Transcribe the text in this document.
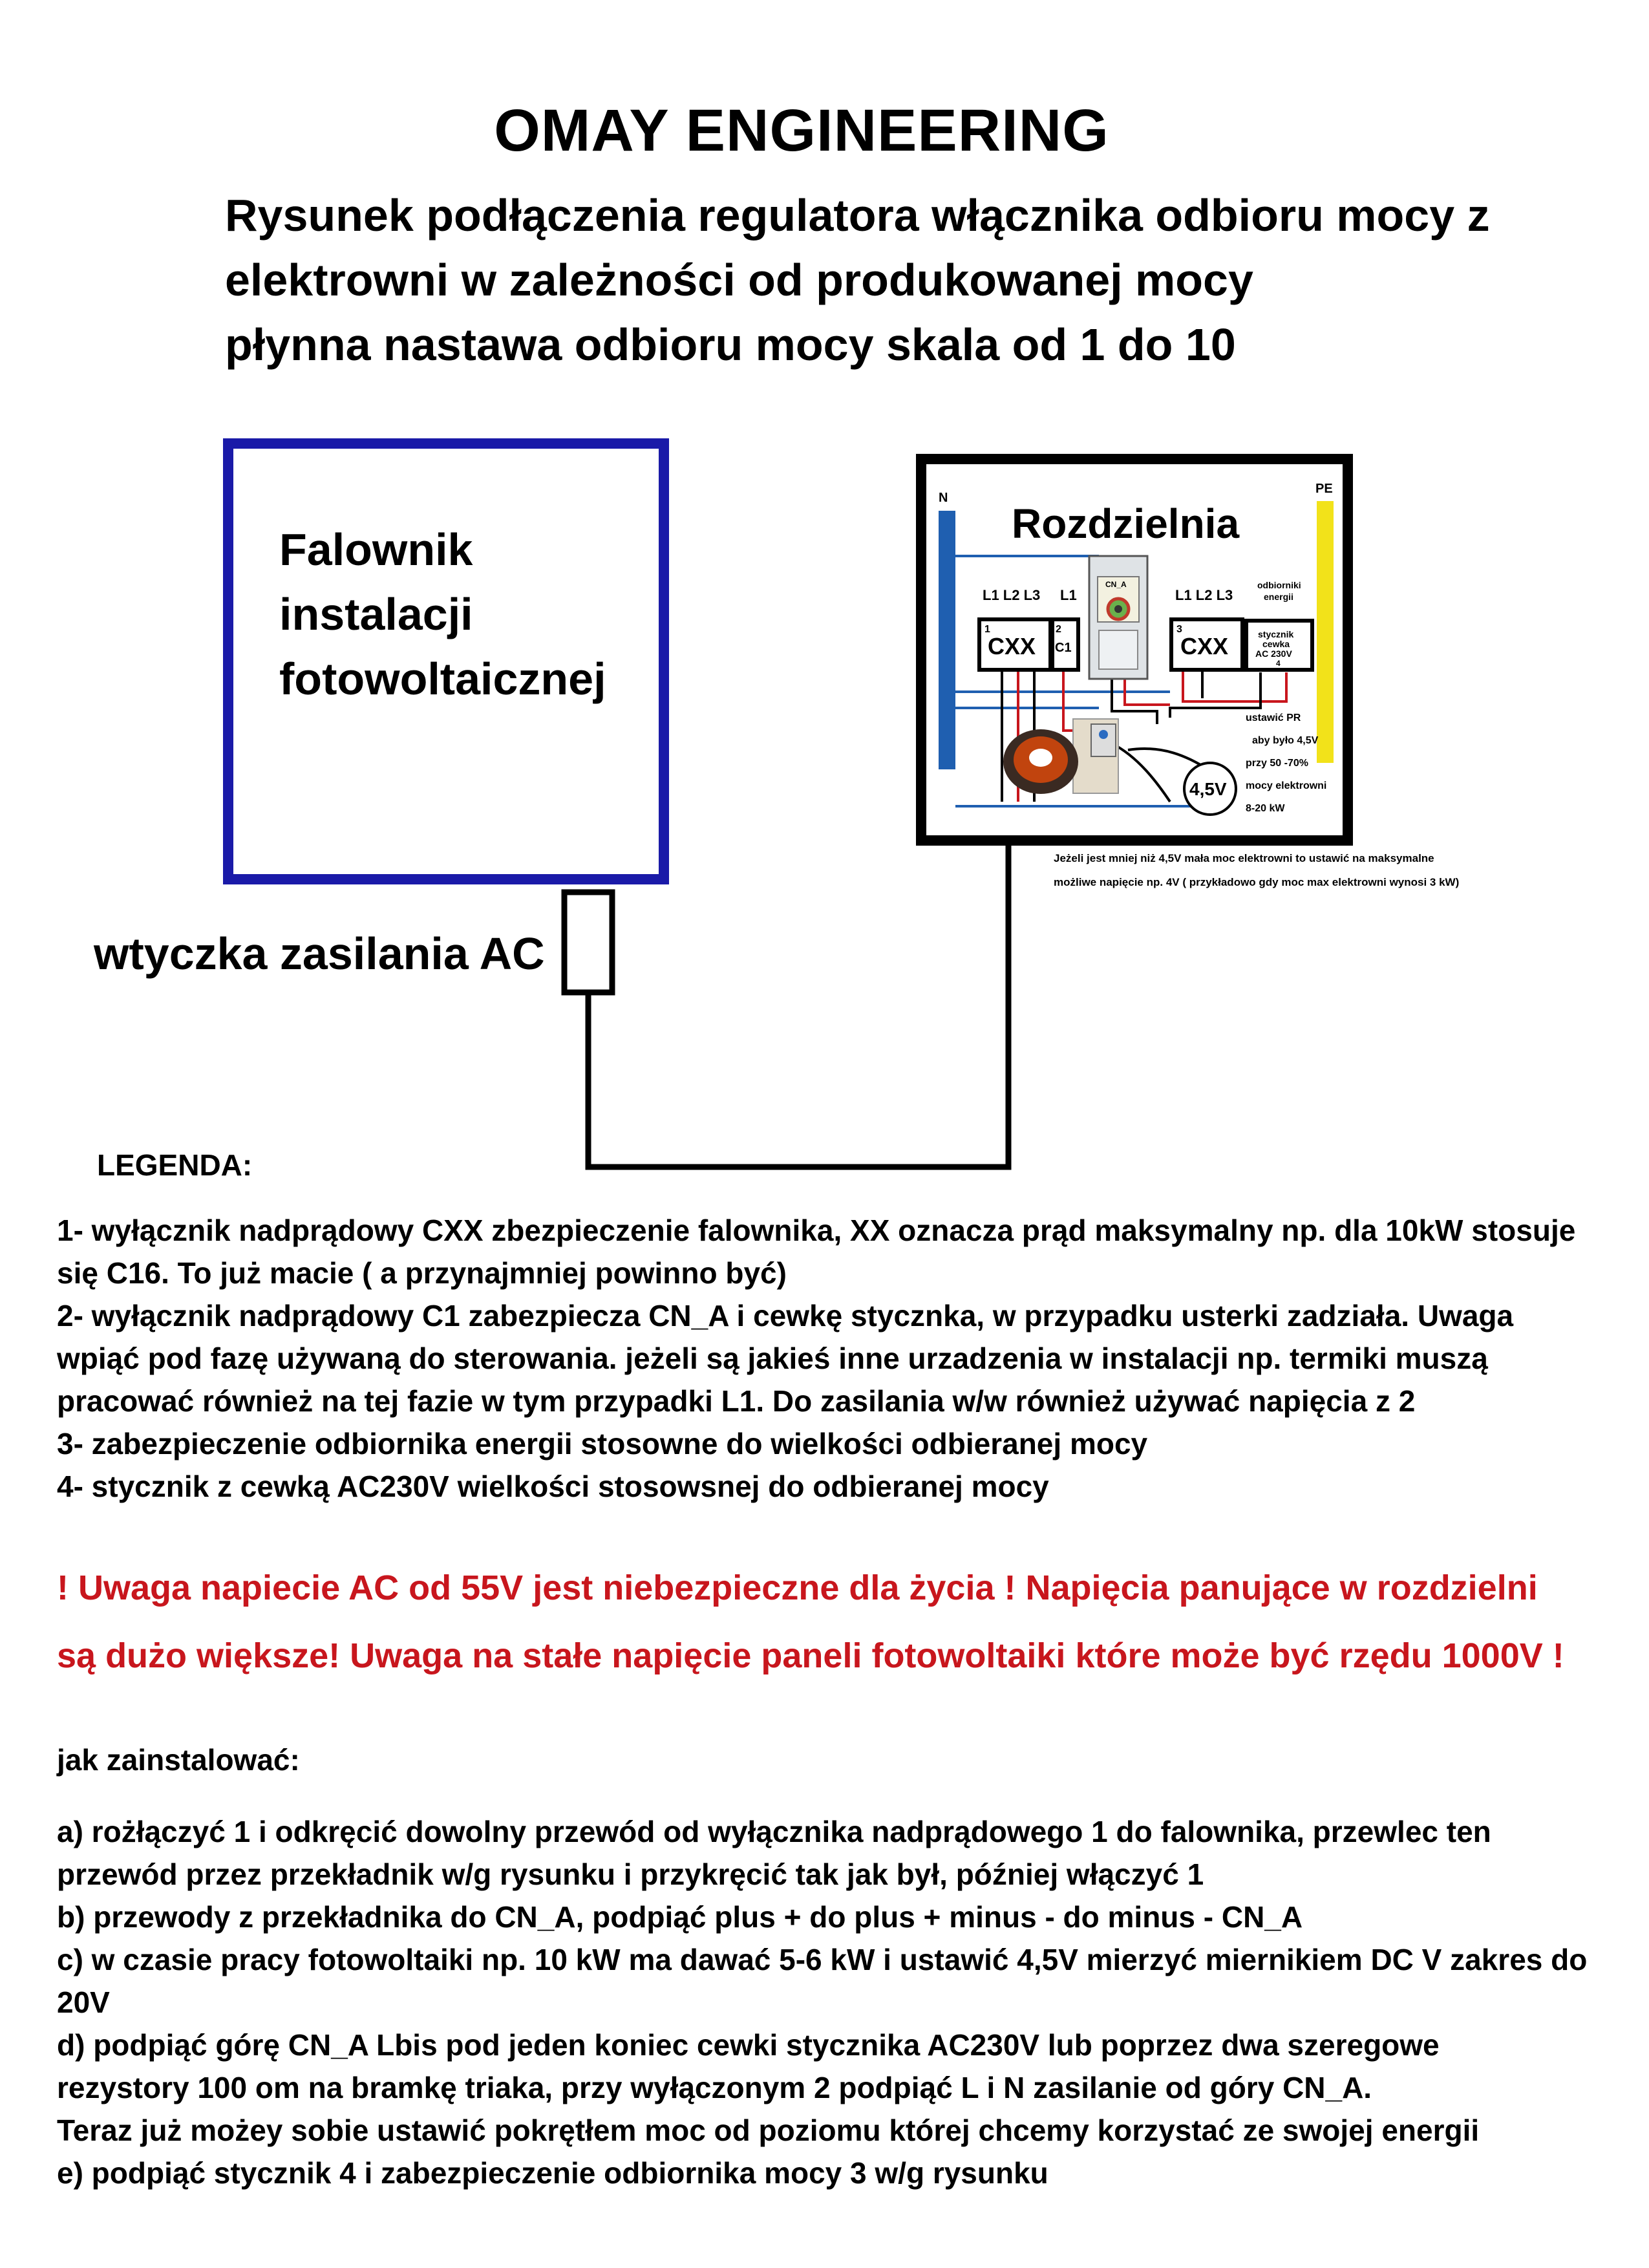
OMAY ENGINEERING
Rysunek podłączenia regulatora włącznika odbioru mocy z
elektrowni w zależności od produkowanej mocy
płynna nastawa odbioru mocy skala od 1 do 10
Falownik
instalacji
fotowoltaicznej
wtyczka zasilania AC
N
PE
Rozdzielnia
L1 L2 L3 L1
1
CXX
2
C1
CN_A
L1 L2 L3
3
CXX
odbiorniki
energii
stycznik
cewka
AC 230V
4
4,5V
ustawić PR
aby było 4,5V
przy 50 -70%
mocy elektrowni
8-20 kW
Jeżeli jest mniej niż 4,5V mała moc elektrowni to ustawić na maksymalne
możliwe napięcie np. 4V ( przykładowo gdy moc max elektrowni wynosi 3 kW)
LEGENDA:
1- wyłącznik nadprądowy CXX zbezpieczenie falownika, XX oznacza prąd maksymalny np. dla 10kW stosuje
się C16. To już macie ( a przynajmniej powinno być)
2- wyłącznik nadprądowy C1 zabezpiecza CN_A i cewkę stycznka, w przypadku usterki zadziała. Uwaga
wpiąć pod fazę używaną do sterowania. jeżeli są jakieś inne urzadzenia w instalacji np. termiki muszą
pracować również na tej fazie w tym przypadki L1. Do zasilania w/w również używać napięcia z 2
3- zabezpieczenie odbiornika energii stosowne do wielkości odbieranej mocy
4- stycznik z cewką AC230V wielkości stosowsnej do odbieranej mocy
! Uwaga napiecie AC od 55V jest niebezpieczne dla życia ! Napięcia panujące w rozdzielni
są dużo większe! Uwaga na stałe napięcie paneli fotowoltaiki które może być rzędu 1000V !
jak zainstalować:
a) rożłączyć 1 i odkręcić dowolny przewód od wyłącznika nadprądowego 1 do falownika, przewlec ten
przewód przez przekładnik w/g rysunku i przykręcić tak jak był, później włączyć 1
b) przewody z przekładnika do CN_A, podpiąć plus + do plus + minus - do minus - CN_A
c) w czasie pracy fotowoltaiki np. 10 kW ma dawać 5-6 kW i ustawić 4,5V mierzyć miernikiem DC V zakres do
20V
d) podpiąć górę CN_A Lbis pod jeden koniec cewki stycznika AC230V lub poprzez dwa szeregowe
rezystory 100 om na bramkę triaka, przy wyłączonym 2 podpiąć L i N zasilanie od góry CN_A.
Teraz już możey sobie ustawić pokrętłem moc od poziomu której chcemy korzystać ze swojej energii
e) podpiąć stycznik 4 i zabezpieczenie odbiornika mocy 3 w/g rysunku
